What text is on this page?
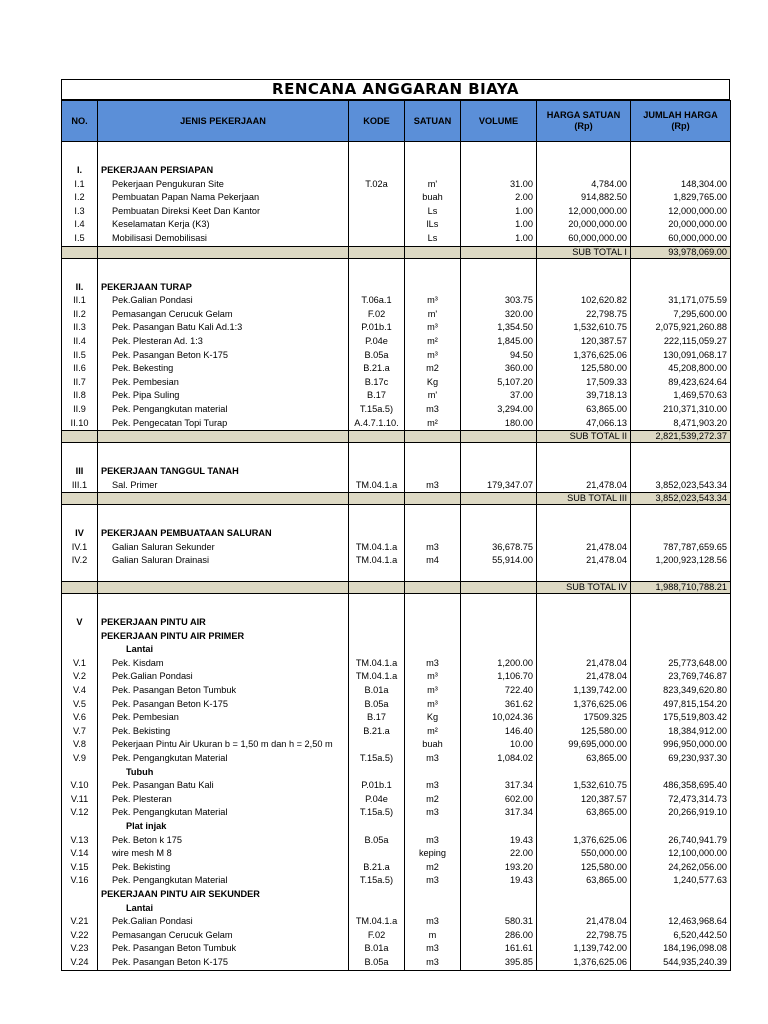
RENCANA ANGGARAN BIAYA
NO.	JENIS PEKERJAAN	KODE	SATUAN	VOLUME	HARGA SATUAN (Rp)	JUMLAH HARGA (Rp)

I.	PEKERJAAN PERSIAPAN					
I.1	Pekerjaan Pengukuran Site	T.02a	m'	31.00	4,784.00	148,304.00
I.2	Pembuatan Papan Nama Pekerjaan		buah	2.00	914,882.50	1,829,765.00
I.3	Pembuatan Direksi Keet Dan Kantor		Ls	1.00	12,000,000.00	12,000,000.00
I.4	Keselamatan Kerja (K3)		lLs	1.00	20,000,000.00	20,000,000.00
I.5	Mobilisasi Demobilisasi		Ls	1.00	60,000,000.00	60,000,000.00
					SUB TOTAL I	93,978,069.00

II.	PEKERJAAN TURAP					
II.1	Pek.Galian Pondasi	T.06a.1	m³	303.75	102,620.82	31,171,075.59
II.2	Pemasangan Cerucuk Gelam	F.02	m'	320.00	22,798.75	7,295,600.00
II.3	Pek. Pasangan Batu Kali Ad.1:3	P.01b.1	m³	1,354.50	1,532,610.75	2,075,921,260.88
II.4	Pek. Plesteran Ad. 1:3	P.04e	m²	1,845.00	120,387.57	222,115,059.27
II.5	Pek. Pasangan Beton K-175	B.05a	m³	94.50	1,376,625.06	130,091,068.17
II.6	Pek. Bekesting	B.21.a	m2	360.00	125,580.00	45,208,800.00
II.7	Pek. Pembesian	B.17c	Kg	5,107.20	17,509.33	89,423,624.64
II.8	Pek. Pipa Suling	B.17	m'	37.00	39,718.13	1,469,570.63
II.9	Pek. Pengangkutan material	T.15a.5)	m3	3,294.00	63,865.00	210,371,310.00
II.10	Pek. Pengecatan Topi Turap	A.4.7.1.10.	m²	180.00	47,066.13	8,471,903.20
					SUB TOTAL II	2,821,539,272.37

III	PEKERJAAN TANGGUL TANAH					
III.1	Sal. Primer	TM.04.1.a	m3	179,347.07	21,478.04	3,852,023,543.34
					SUB TOTAL III	3,852,023,543.34

IV	PEKERJAAN PEMBUATAAN SALURAN					
IV.1	Galian Saluran Sekunder	TM.04.1.a	m3	36,678.75	21,478.04	787,787,659.65
IV.2	Galian Saluran Drainasi	TM.04.1.a	m4	55,914.00	21,478.04	1,200,923,128.56

					SUB TOTAL IV	1,988,710,788.21

V	PEKERJAAN PINTU AIR					
	PEKERJAAN PINTU AIR PRIMER					
	Lantai					
V.1	Pek. Kisdam	TM.04.1.a	m3	1,200.00	21,478.04	25,773,648.00
V.2	Pek.Galian Pondasi	TM.04.1.a	m³	1,106.70	21,478.04	23,769,746.87
V.4	Pek. Pasangan Beton Tumbuk	B.01a	m³	722.40	1,139,742.00	823,349,620.80
V.5	Pek. Pasangan Beton K-175	B.05a	m³	361.62	1,376,625.06	497,815,154.20
V.6	Pek. Pembesian	B.17	Kg	10,024.36	17509.325	175,519,803.42
V.7	Pek. Bekisting	B.21.a	m²	146.40	125,580.00	18,384,912.00
V.8	Pekerjaan Pintu Air Ukuran b = 1,50 m dan h = 2,50 m		buah	10.00	99,695,000.00	996,950,000.00
V.9	Pek. Pengangkutan Material	T.15a.5)	m3	1,084.02	63,865.00	69,230,937.30
	Tubuh					
V.10	Pek. Pasangan Batu Kali	P.01b.1	m3	317.34	1,532,610.75	486,358,695.40
V.11	Pek. Plesteran	P.04e	m2	602.00	120,387.57	72,473,314.73
V.12	Pek. Pengangkutan Material	T.15a.5)	m3	317.34	63,865.00	20,266,919.10
	Plat injak					
V.13	Pek. Beton k 175	B.05a	m3	19.43	1,376,625.06	26,740,941.79
V.14	wire mesh M 8		keping	22.00	550,000.00	12,100,000.00
V.15	Pek. Bekisting	B.21.a	m2	193.20	125,580.00	24,262,056.00
V.16	Pek. Pengangkutan Material	T.15a.5)	m3	19.43	63,865.00	1,240,577.63
	PEKERJAAN PINTU AIR SEKUNDER					
	Lantai					
V.21	Pek.Galian Pondasi	TM.04.1.a	m3	580.31	21,478.04	12,463,968.64
V.22	Pemasangan Cerucuk Gelam	F.02	m	286.00	22,798.75	6,520,442.50
V.23	Pek. Pasangan Beton Tumbuk	B.01a	m3	161.61	1,139,742.00	184,196,098.08
V.24	Pek. Pasangan Beton K-175	B.05a	m3	395.85	1,376,625.06	544,935,240.39
